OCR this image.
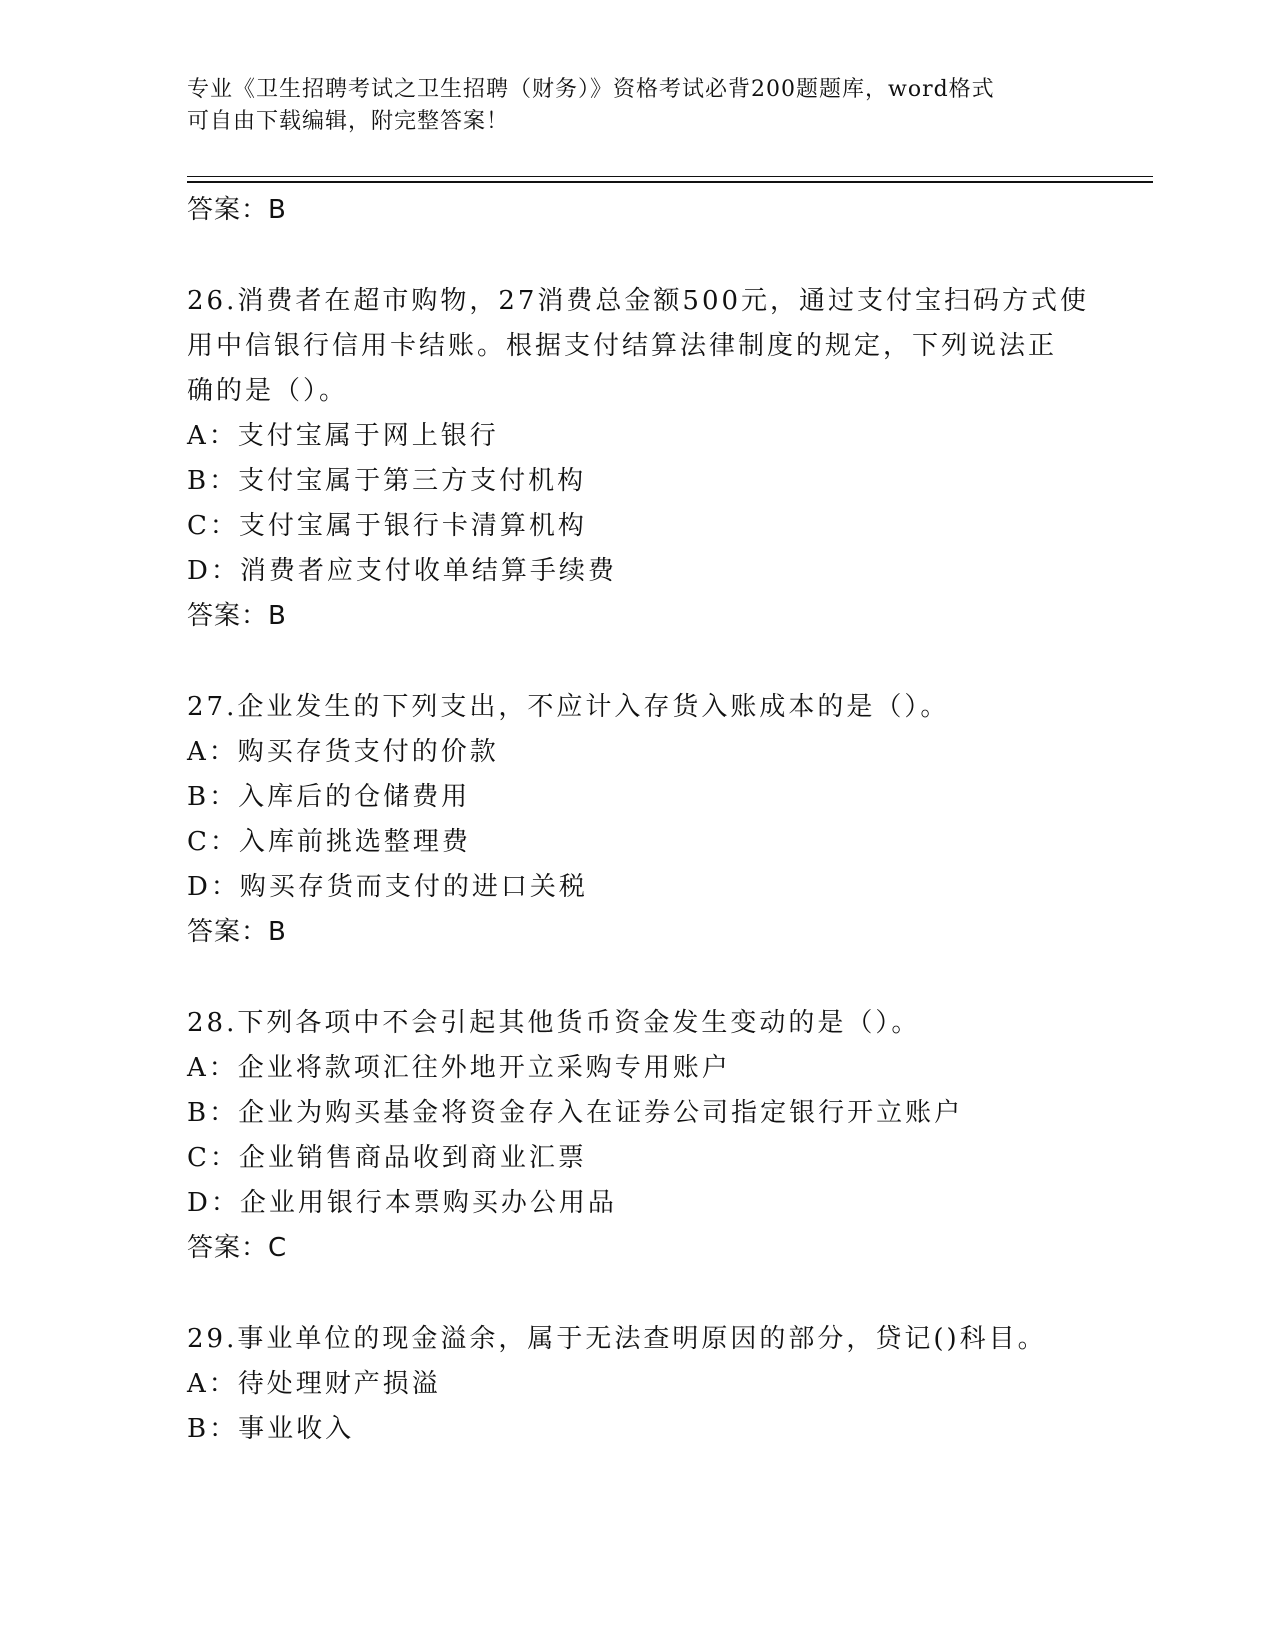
专业《卫生招聘考试之卫生招聘（财务）》资格考试必背200题题库，word格式
可自由下载编辑，附完整答案！
答案：B
26.消费者在超市购物，27消费总金额500元，通过支付宝扫码方式使
用中信银行信用卡结账。根据支付结算法律制度的规定，下列说法正
确的是（）。
A：支付宝属于网上银行
B：支付宝属于第三方支付机构
C：支付宝属于银行卡清算机构
D：消费者应支付收单结算手续费
答案：B
27.企业发生的下列支出，不应计入存货入账成本的是（）。
A：购买存货支付的价款
B：入库后的仓储费用
C：入库前挑选整理费
D：购买存货而支付的进口关税
答案：B
28.下列各项中不会引起其他货币资金发生变动的是（）。
A：企业将款项汇往外地开立采购专用账户
B：企业为购买基金将资金存入在证券公司指定银行开立账户
C：企业销售商品收到商业汇票
D：企业用银行本票购买办公用品
答案：C
29.事业单位的现金溢余，属于无法查明原因的部分，贷记()科目。
A：待处理财产损溢
B：事业收入
